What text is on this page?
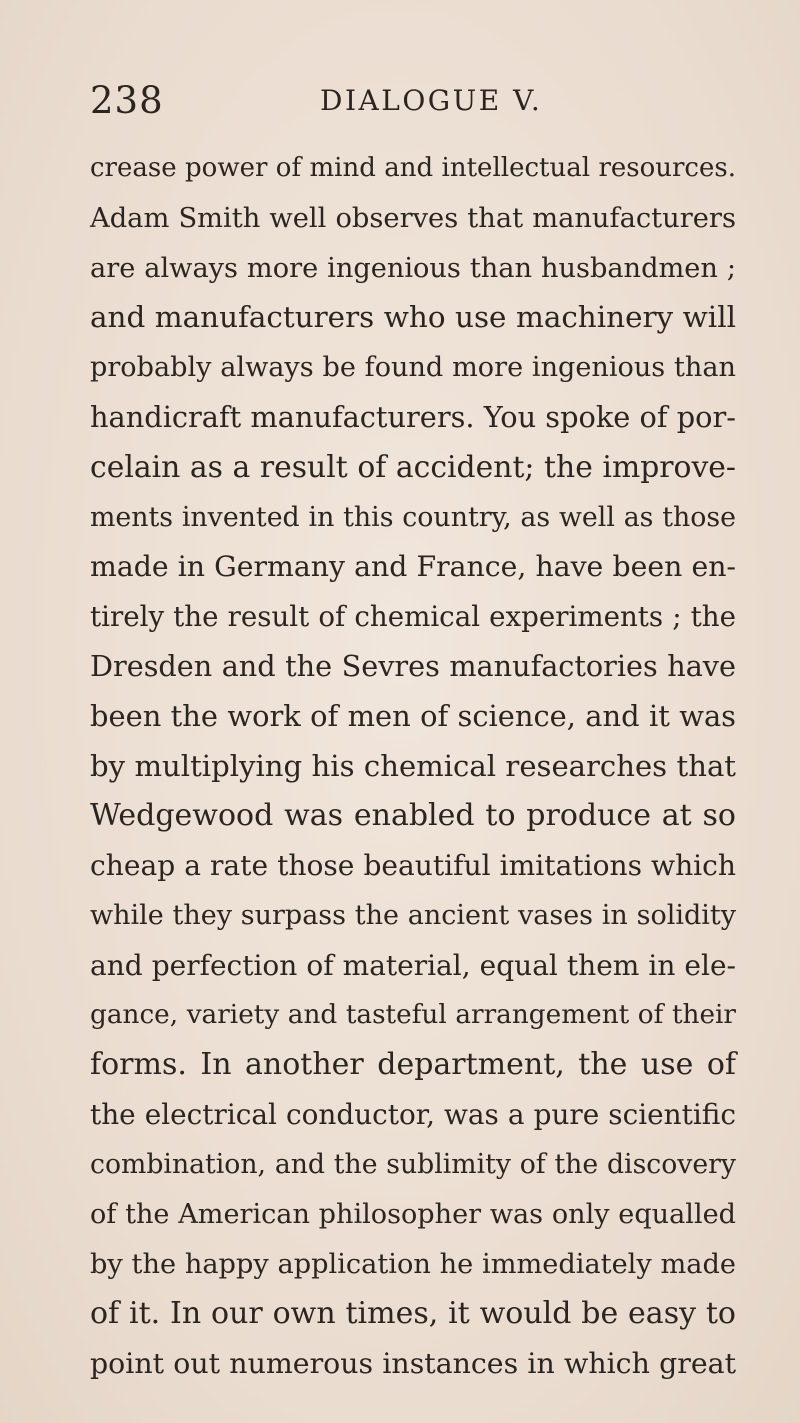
238	DIALOGUE V.
crease power of mind and intellectual resources.
Adam Smith well observes that manufacturers
are always more ingenious than husbandmen ;
and manufacturers who use machinery will
probably always be found more ingenious than
handicraft manufacturers. You spoke of por-
celain as a result of accident; the improve-
ments invented in this country, as well as those
made in Germany and France, have been en-
tirely the result of chemical experiments ; the
Dresden and the Sevres manufactories have
been the work of men of science, and it was
by multiplying his chemical researches that
Wedgewood was enabled to produce at so
cheap a rate those beautiful imitations which
while they surpass the ancient vases in solidity
and perfection of material, equal them in ele-
gance, variety and tasteful arrangement of their
forms. In another department, the use of
the electrical conductor, was a pure scientific
combination, and the sublimity of the discovery
of the American philosopher was only equalled
by the happy application he immediately made
of it. In our own times, it would be easy to
point out numerous instances in which great
